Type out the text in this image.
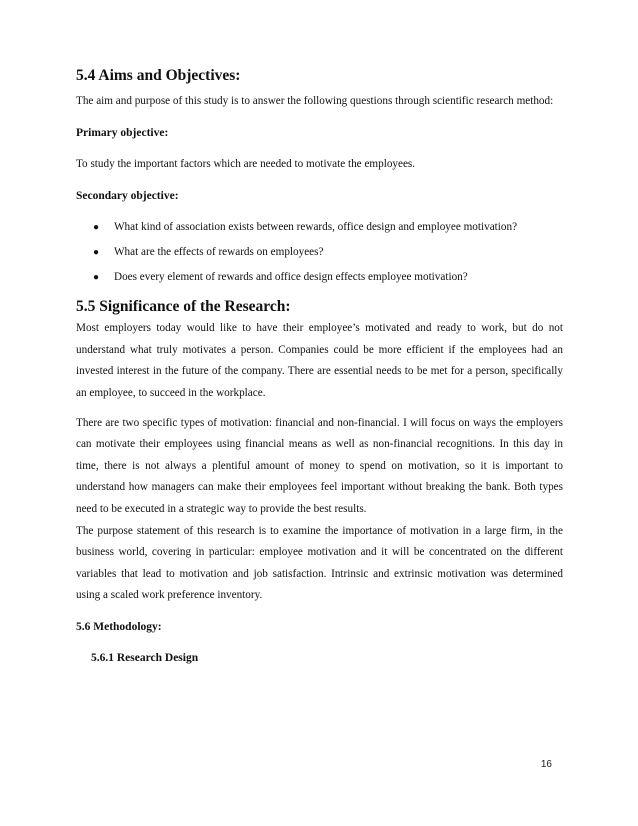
5.4 Aims and Objectives:

The aim and purpose of this study is to answer the following questions through scientific research method:

Primary objective:

To study the important factors which are needed to motivate the employees.

Secondary objective:

● What kind of association exists between rewards, office design and employee motivation?
● What are the effects of rewards on employees?
● Does every element of rewards and office design effects employee motivation?
5.5 Significance of the Research:

Most employers today would like to have their employee’s motivated and ready to work, but do not understand what truly motivates a person. Companies could be more efficient if the employees had an invested interest in the future of the company. There are essential needs to be met for a person, specifically an employee, to succeed in the workplace.

There are two specific types of motivation: financial and non-financial. I will focus on ways the employers can motivate their employees using financial means as well as non-financial recognitions. In this day in time, there is not always a plentiful amount of money to spend on motivation, so it is important to understand how managers can make their employees feel important without breaking the bank. Both types need to be executed in a strategic way to provide the best results.

The purpose statement of this research is to examine the importance of motivation in a large firm, in the business world, covering in particular: employee motivation and it will be concentrated on the different variables that lead to motivation and job satisfaction. Intrinsic and extrinsic motivation was determined using a scaled work preference inventory.

5.6 Methodology:

5.6.1 Research Design

16
